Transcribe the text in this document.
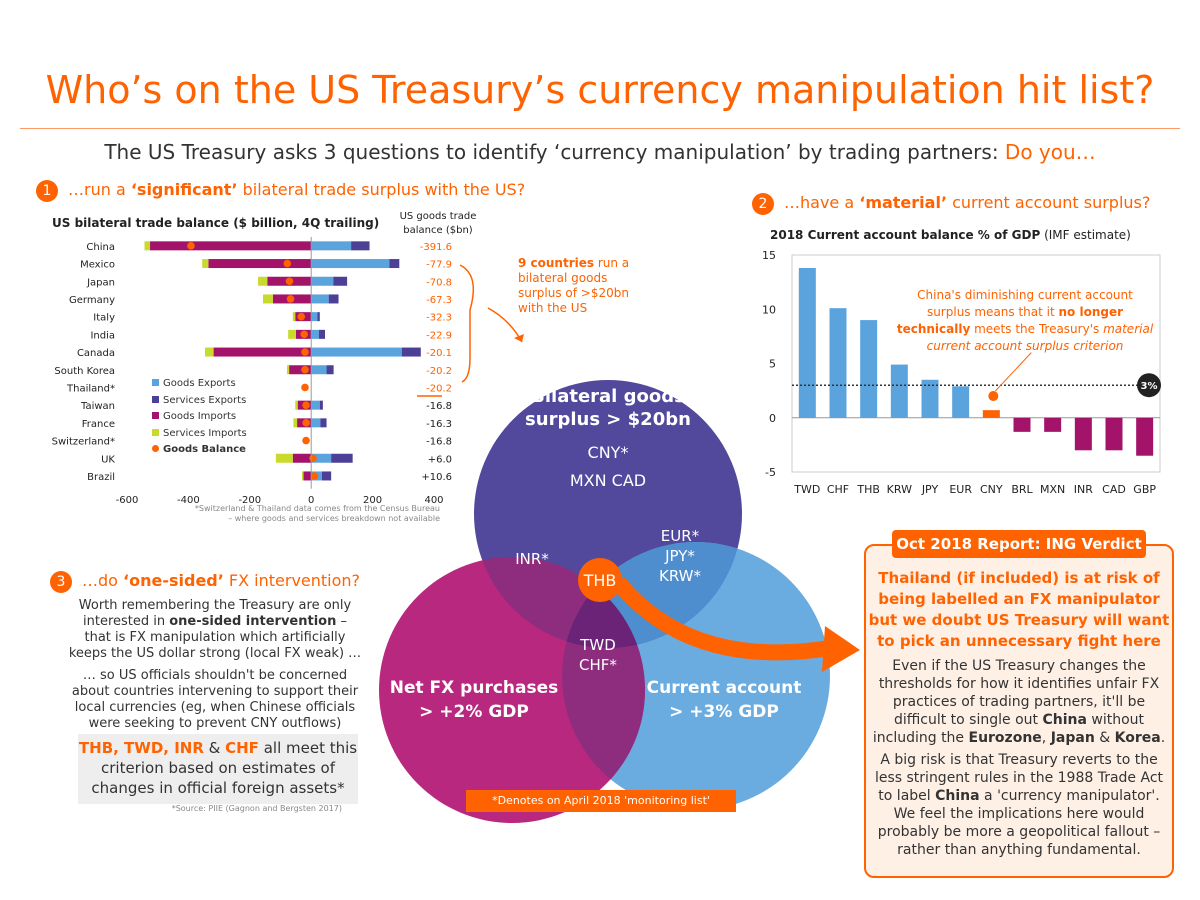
Who’s on the US Treasury’s currency manipulation hit list?
The US Treasury asks 3 questions to identify ‘currency manipulation’ by trading partners: Do you…
1	…run a ‘significant’ bilateral trade surplus with the US?
2	…have a ‘material’ current account surplus?
US bilateral trade balance ($ billion, 4Q trailing) US goods trade
balance ($bn)
China	-391.6
Mexico	-77.9
Japan	-70.8
Germany	-67.3
Italy	-32.3
India	-22.9
Canada	-20.1
South Korea	-20.2
Thailand*	-20.2
Taiwan	-16.8
France	-16.3
Switzerland*	-16.8
UK	+6.0
Brazil	+10.6
-600	-400	-200	0	200	400
*Switzerland & Thailand data comes from the Census Bureau
– where goods and services breakdown not available
Goods Exports
Services Exports
Goods Imports
Services Imports
Goods Balance
9 countries run a
bilateral goods
surplus of >$20bn
with the US
2018 Current account balance % of GDP (IMF estimate)
15
10
5
0
-5
TWD CHF THB KRW JPY EUR CNY BRL MXN INR CAD GBP
3%
China's diminishing current account
surplus means that it no longer
technically meets the Treasury's material
current account surplus criterion
THB
Bilateral goods
surplus > $20bn
CNY*
MXN CAD
INR*
EUR*
JPY*
KRW*
TWD
CHF*
Net FX purchases
> +2% GDP
Current account
> +3% GDP
*Denotes on April 2018 'monitoring list'
3	…do ‘one-sided’ FX intervention?
Worth remembering the Treasury are only
interested in one-sided intervention –
that is FX manipulation which artificially
keeps the US dollar strong (local FX weak) …
… so US officials shouldn't be concerned
about countries intervening to support their
local currencies (eg, when Chinese officials
were seeking to prevent CNY outflows)
THB, TWD, INR & CHF all meet this
criterion based on estimates of
changes in official foreign assets*
*Source: PIIE (Gagnon and Bergsten 2017)
Oct 2018 Report: ING Verdict
Thailand (if included) is at risk of
being labelled an FX manipulator
but we doubt US Treasury will want
to pick an unnecessary fight here
Even if the US Treasury changes the
thresholds for how it identifies unfair FX
practices of trading partners, it'll be
difficult to single out China without
including the Eurozone, Japan & Korea.
A big risk is that Treasury reverts to the
less stringent rules in the 1988 Trade Act
to label China a 'currency manipulator'.
We feel the implications here would
probably be more a geopolitical fallout –
rather than anything fundamental.
